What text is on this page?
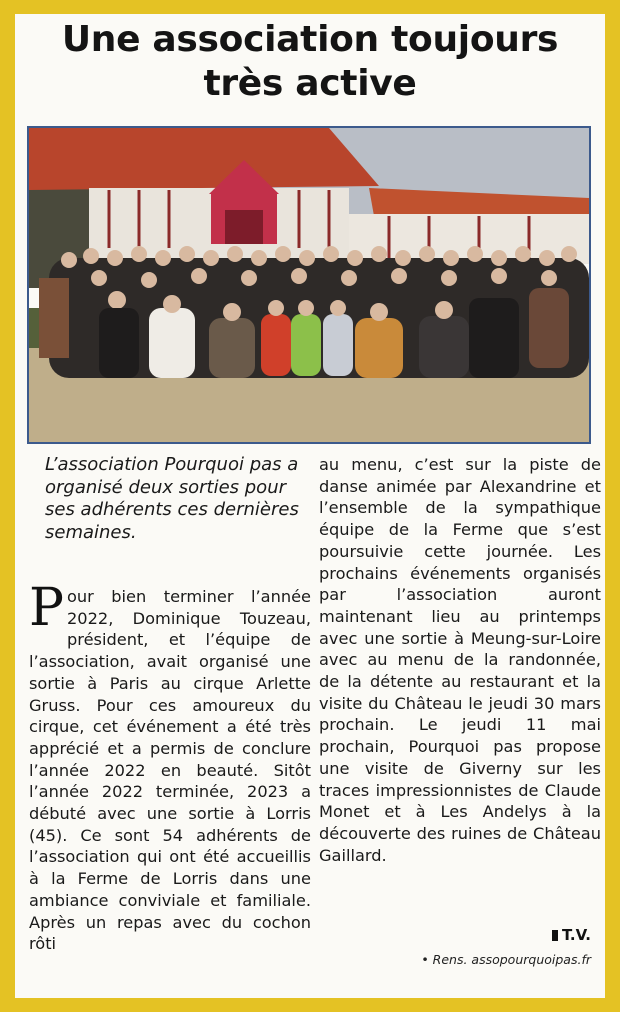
Une association toujours
très active
L’association Pourquoi pas a organisé deux sorties pour ses adhérents ces dernières semaines.
Pour bien terminer l’année 2022, Dominique Touzeau, président, et l’équipe de l’association, avait organisé une sortie à Paris au cirque Arlette Gruss. Pour ces amoureux du cirque, cet événement a été très apprécié et a permis de conclure l’année 2022 en beauté. Sitôt l’année 2022 terminée, 2023 a débuté avec une sortie à Lorris (45). Ce sont 54 adhérents de l’association qui ont été accueillis à la Ferme de Lorris dans une ambiance conviviale et familiale. Après un repas avec du cochon rôti
au menu, c’est sur la piste de danse animée par Alexandrine et l’ensemble de la sympathique équipe de la Ferme que s’est poursuivie cette journée. Les prochains événements organisés par l’association auront maintenant lieu au printemps avec une sortie à Meung-sur-Loire avec au menu de la randonnée, de la détente au restaurant et la visite du Château le jeudi 30 mars prochain. Le jeudi 11 mai prochain, Pourquoi pas propose une visite de Giverny sur les traces impressionnistes de Claude Monet et à Les Andelys à la découverte des ruines de Château Gaillard.
T.V.
• Rens. assopourquoipas.fr
